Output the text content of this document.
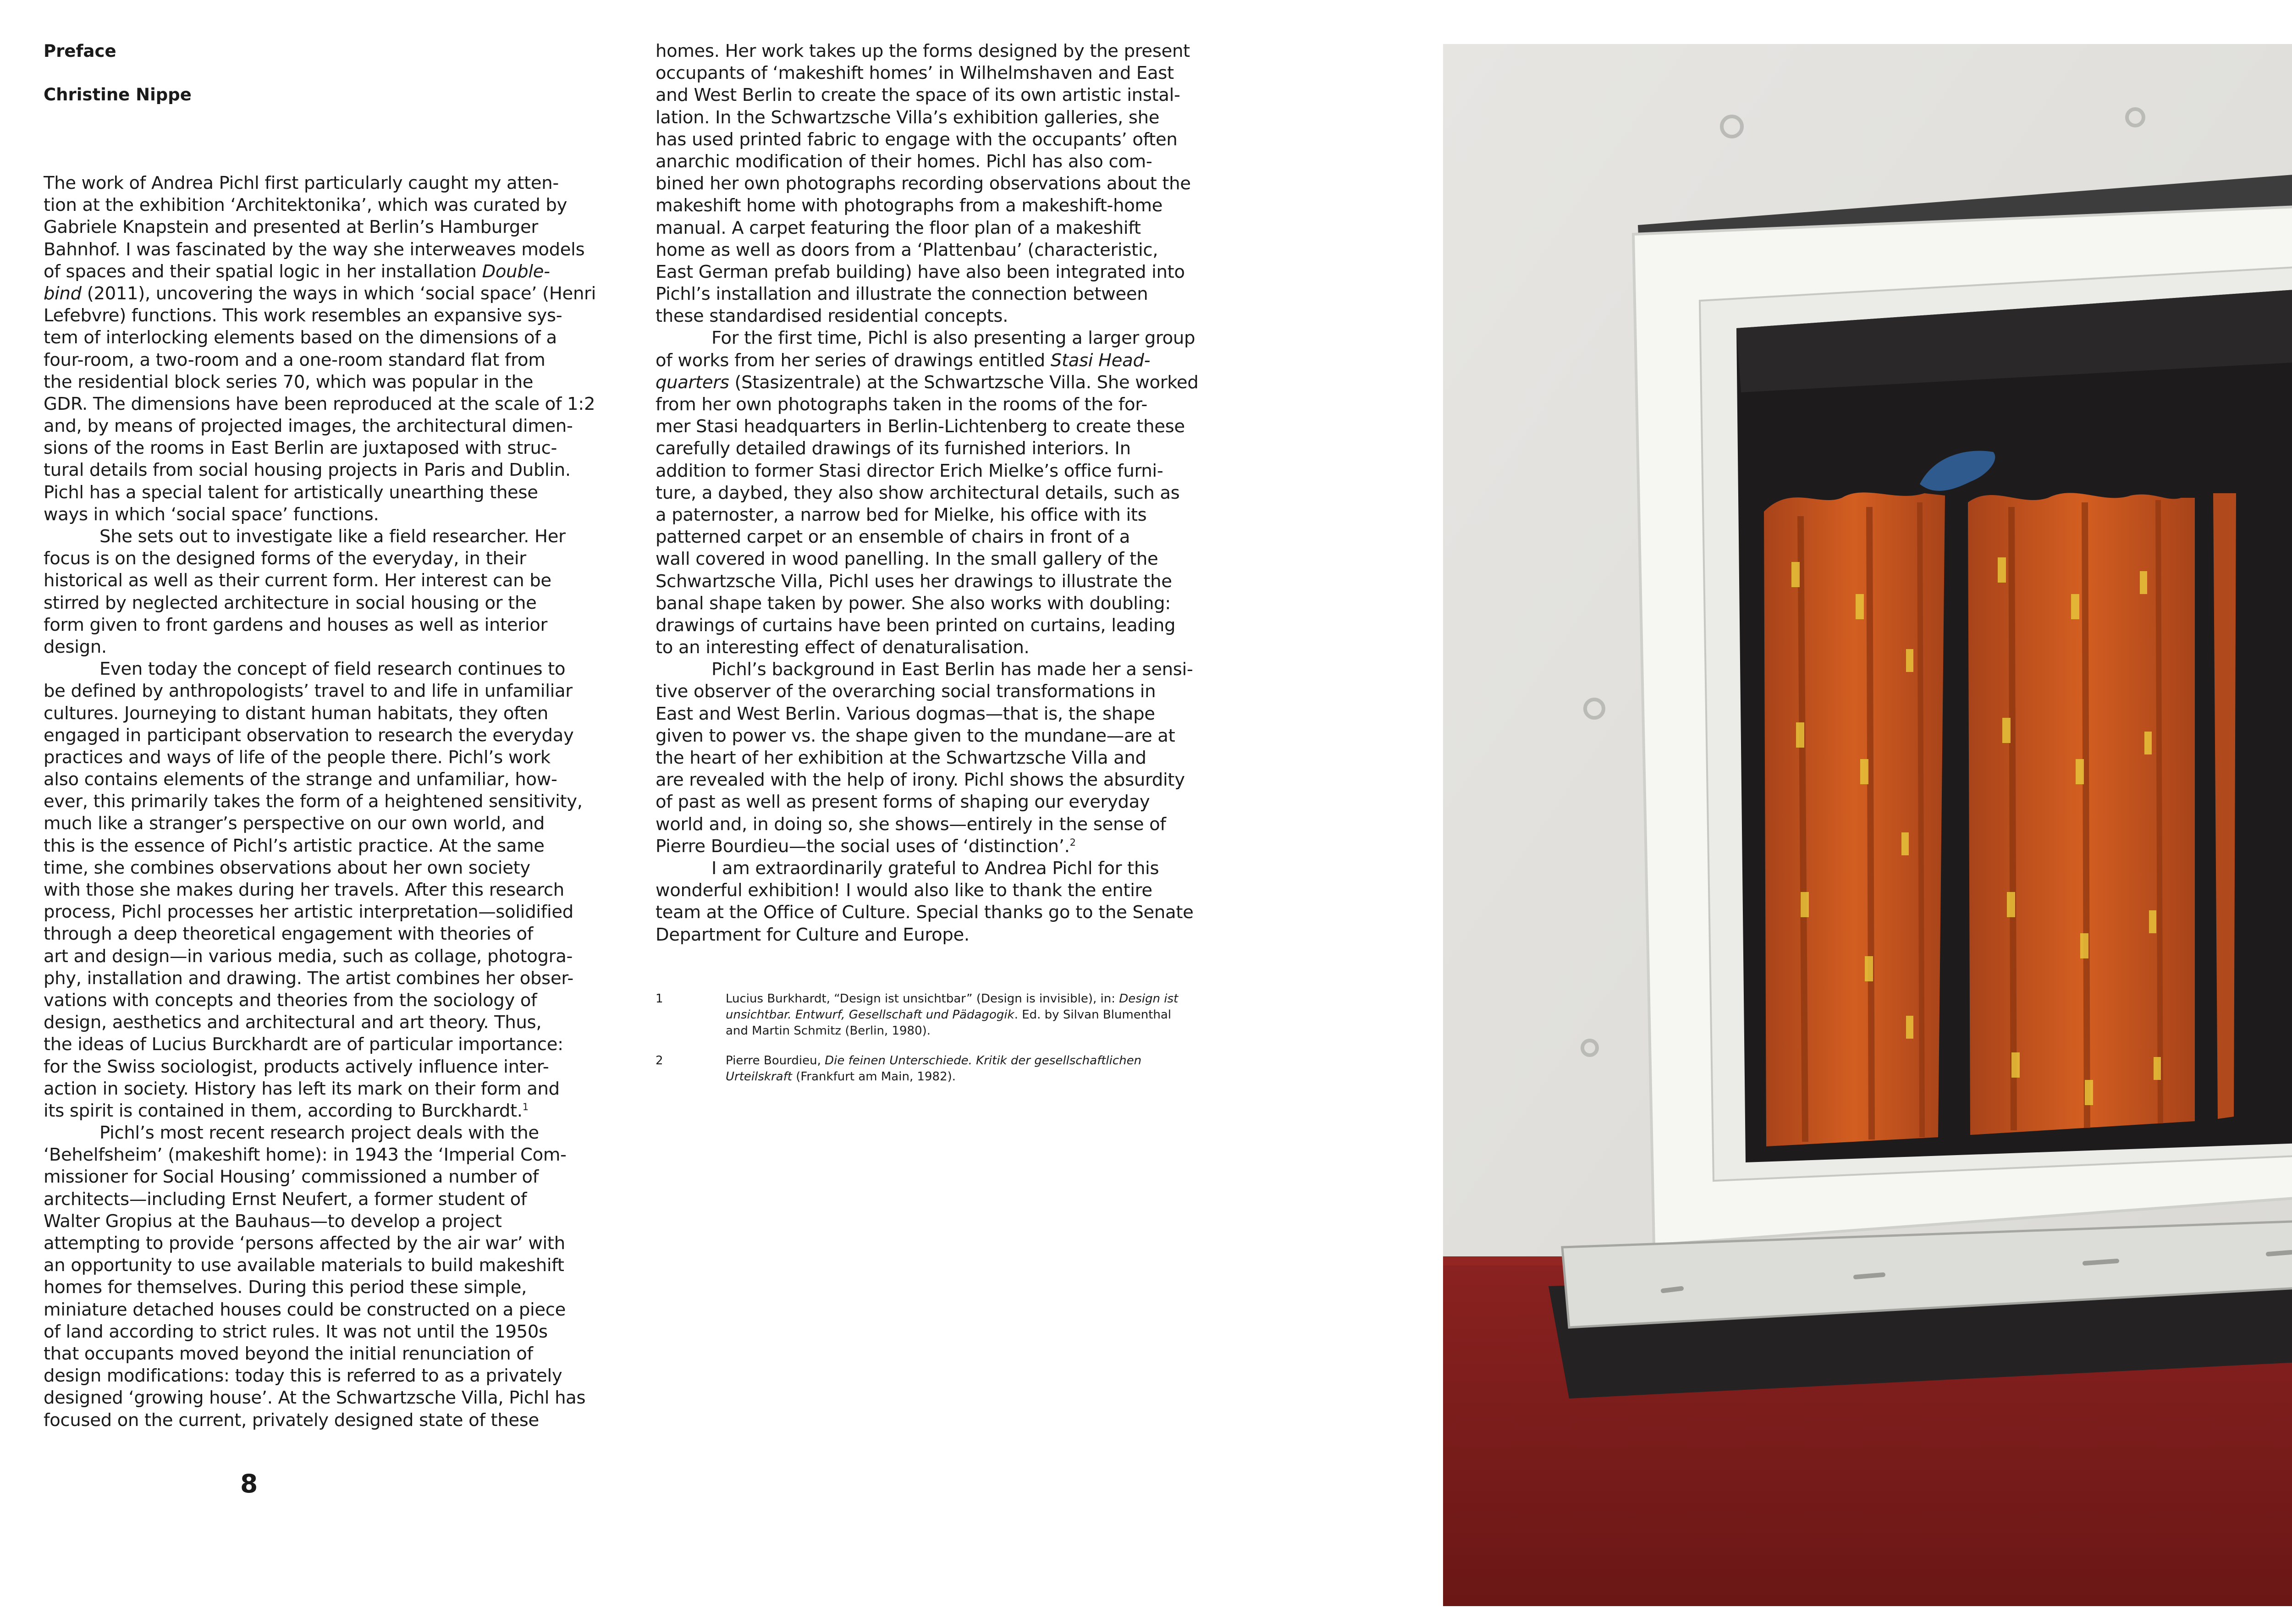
Preface
Christine Nippe
The work of Andrea Pichl first particularly caught my atten-
tion at the exhibition ‘Architektonika’, which was curated by
Gabriele Knapstein and presented at Berlin’s Hamburger
Bahnhof. I was fascinated by the way she interweaves models
of spaces and their spatial logic in her installation Double-
bind (2011), uncovering the ways in which ‘social space’ (Henri
Lefebvre) functions. This work resembles an expansive sys-
tem of interlocking elements based on the dimensions of a
four-room, a two-room and a one-room standard flat from
the residential block series 70, which was popular in the
GDR. The dimensions have been reproduced at the scale of 1:2
and, by means of projected images, the architectural dimen-
sions of the rooms in East Berlin are juxtaposed with struc-
tural details from social housing projects in Paris and Dublin.
Pichl has a special talent for artistically unearthing these
ways in which ‘social space’ functions.
She sets out to investigate like a field researcher. Her
focus is on the designed forms of the everyday, in their
historical as well as their current form. Her interest can be
stirred by neglected architecture in social housing or the
form given to front gardens and houses as well as interior
design.
Even today the concept of field research continues to
be defined by anthropologists’ travel to and life in unfamiliar
cultures. Journeying to distant human habitats, they often
engaged in participant observation to research the everyday
practices and ways of life of the people there. Pichl’s work
also contains elements of the strange and unfamiliar, how-
ever, this primarily takes the form of a heightened sensitivity,
much like a stranger’s perspective on our own world, and
this is the essence of Pichl’s artistic practice. At the same
time, she combines observations about her own society
with those she makes during her travels. After this research
process, Pichl processes her artistic interpretation—solidified
through a deep theoretical engagement with theories of
art and design—in various media, such as collage, photogra-
phy, installation and drawing. The artist combines her obser-
vations with concepts and theories from the sociology of
design, aesthetics and architectural and art theory. Thus,
the ideas of Lucius Burckhardt are of particular importance:
for the Swiss sociologist, products actively influence inter-
action in society. History has left its mark on their form and
its spirit is contained in them, according to Burckhardt.$^1$
Pichl’s most recent research project deals with the
‘Behelfsheim’ (makeshift home): in 1943 the ‘Imperial Com-
missioner for Social Housing’ commissioned a number of
architects—including Ernst Neufert, a former student of
Walter Gropius at the Bauhaus—to develop a project
attempting to provide ‘persons affected by the air war’ with
an opportunity to use available materials to build makeshift
homes for themselves. During this period these simple,
miniature detached houses could be constructed on a piece
of land according to strict rules. It was not until the 1950s
that occupants moved beyond the initial renunciation of
design modifications: today this is referred to as a privately
designed ‘growing house’. At the Schwartzsche Villa, Pichl has
focused on the current, privately designed state of these
homes. Her work takes up the forms designed by the present
occupants of ‘makeshift homes’ in Wilhelmshaven and East
and West Berlin to create the space of its own artistic instal-
lation. In the Schwartzsche Villa’s exhibition galleries, she
has used printed fabric to engage with the occupants’ often
anarchic modification of their homes. Pichl has also com-
bined her own photographs recording observations about the
makeshift home with photographs from a makeshift-home
manual. A carpet featuring the floor plan of a makeshift
home as well as doors from a ‘Plattenbau’ (characteristic,
East German prefab building) have also been integrated into
Pichl’s installation and illustrate the connection between
these standardised residential concepts.
For the first time, Pichl is also presenting a larger group
of works from her series of drawings entitled Stasi Head-
quarters (Stasizentrale) at the Schwartzsche Villa. She worked
from her own photographs taken in the rooms of the for-
mer Stasi headquarters in Berlin-Lichtenberg to create these
carefully detailed drawings of its furnished interiors. In
addition to former Stasi director Erich Mielke’s office furni-
ture, a daybed, they also show architectural details, such as
a paternoster, a narrow bed for Mielke, his office with its
patterned carpet or an ensemble of chairs in front of a
wall covered in wood panelling. In the small gallery of the
Schwartzsche Villa, Pichl uses her drawings to illustrate the
banal shape taken by power. She also works with doubling:
drawings of curtains have been printed on curtains, leading
to an interesting effect of denaturalisation.
Pichl’s background in East Berlin has made her a sensi-
tive observer of the overarching social transformations in
East and West Berlin. Various dogmas—that is, the shape
given to power vs. the shape given to the mundane—are at
the heart of her exhibition at the Schwartzsche Villa and
are revealed with the help of irony. Pichl shows the absurdity
of past as well as present forms of shaping our everyday
world and, in doing so, she shows—entirely in the sense of
Pierre Bourdieu—the social uses of ‘distinction’.$^2$
I am extraordinarily grateful to Andrea Pichl for this
wonderful exhibition! I would also like to thank the entire
team at the Office of Culture. Special thanks go to the Senate
Department for Culture and Europe.
1	Lucius Burkhardt, “Design ist unsichtbar” (Design is invisible), in: Design ist
unsichtbar. Entwurf, Gesellschaft und Pädagogik. Ed. by Silvan Blumenthal
and Martin Schmitz (Berlin, 1980).
2	Pierre Bourdieu, Die feinen Unterschiede. Kritik der gesellschaftlichen
Urteilskraft (Frankfurt am Main, 1982).
8
